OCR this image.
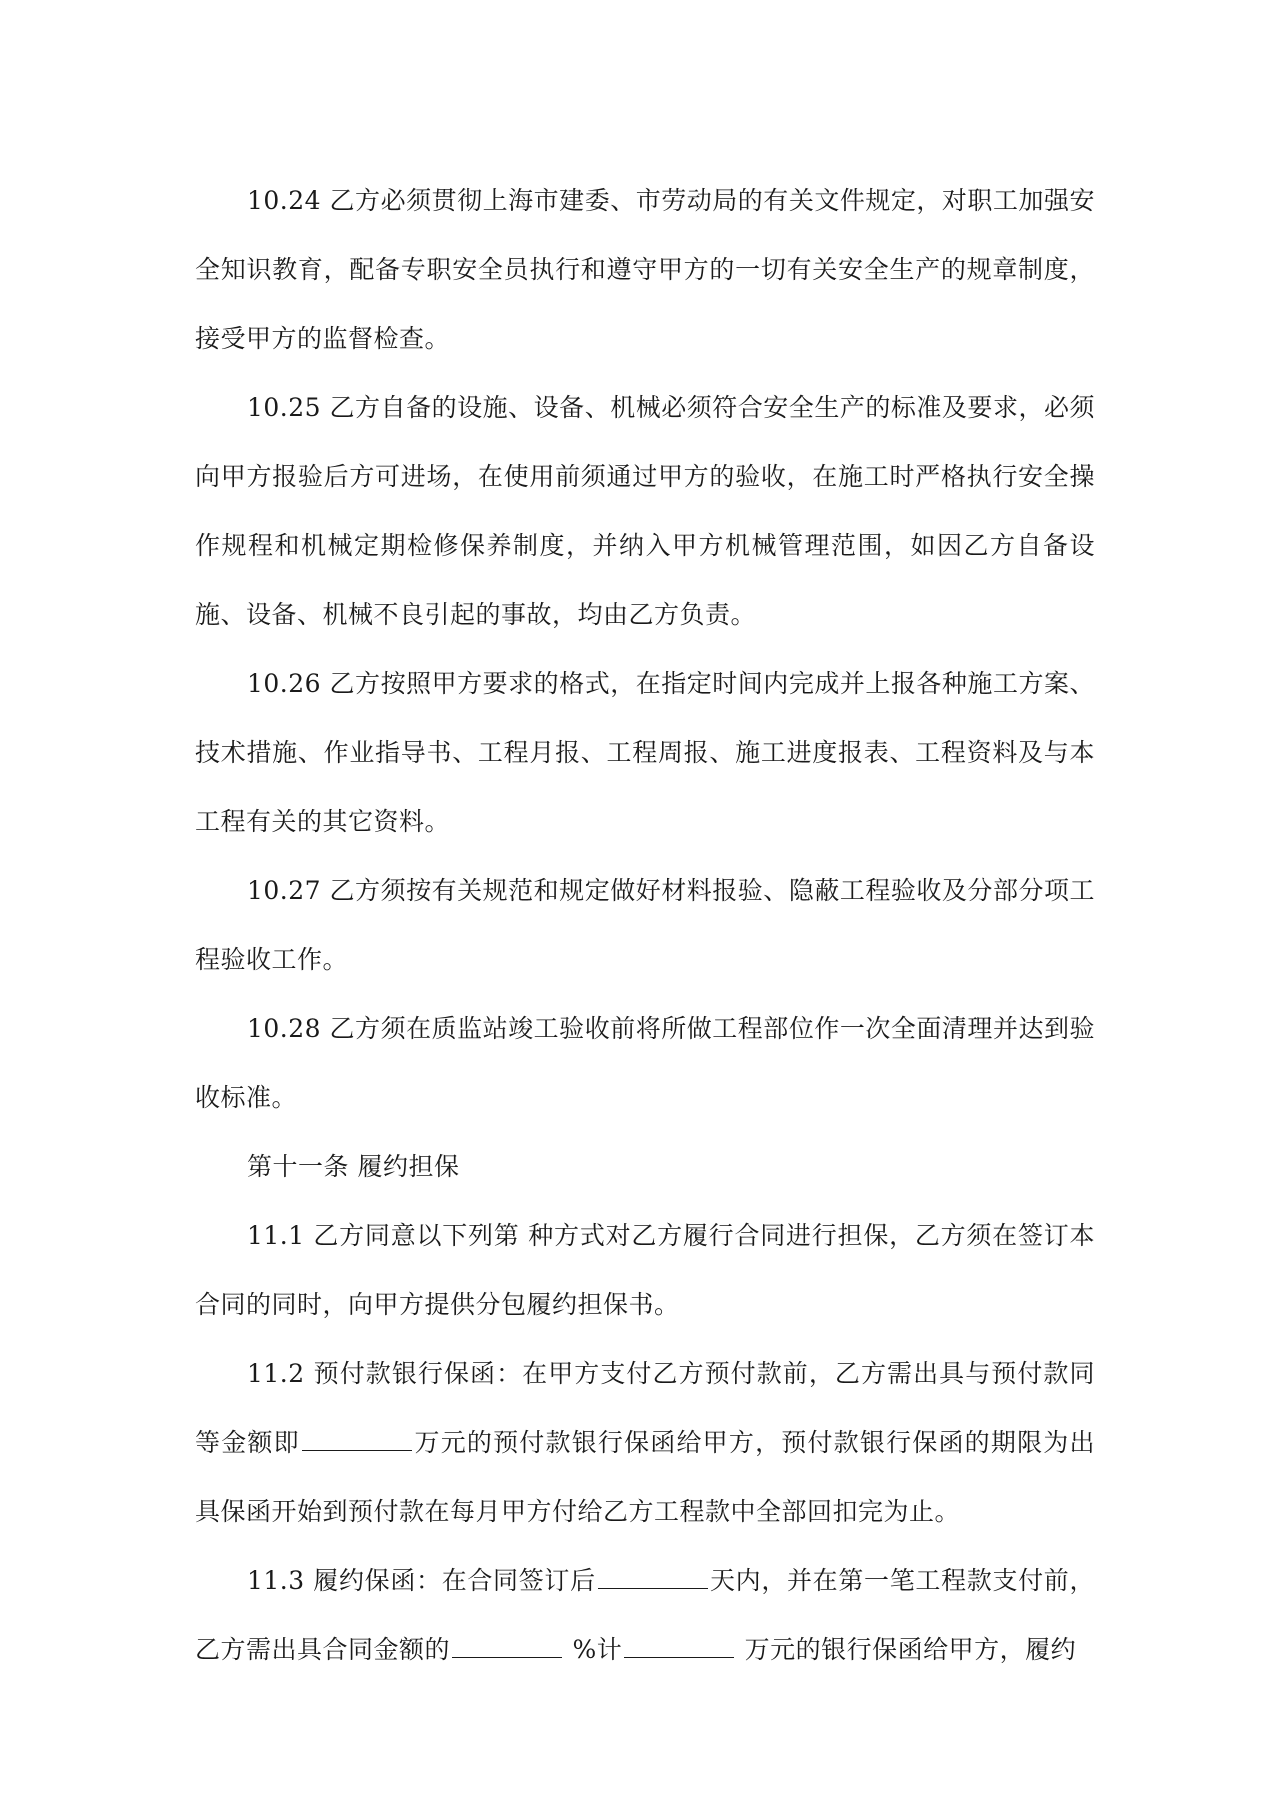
10.24 乙方必须贯彻上海市建委、市劳动局的有关文件规定，对职工加强安全知识教育，配备专职安全员执行和遵守甲方的一切有关安全生产的规章制度，接受甲方的监督检查。

10.25 乙方自备的设施、设备、机械必须符合安全生产的标准及要求，必须向甲方报验后方可进场，在使用前须通过甲方的验收，在施工时严格执行安全操作规程和机械定期检修保养制度，并纳入甲方机械管理范围，如因乙方自备设施、设备、机械不良引起的事故，均由乙方负责。

10.26 乙方按照甲方要求的格式，在指定时间内完成并上报各种施工方案、技术措施、作业指导书、工程月报、工程周报、施工进度报表、工程资料及与本工程有关的其它资料。

10.27 乙方须按有关规范和规定做好材料报验、隐蔽工程验收及分部分项工程验收工作。

10.28 乙方须在质监站竣工验收前将所做工程部位作一次全面清理并达到验收标准。

第十一条 履约担保

11.1 乙方同意以下列第 种方式对乙方履行合同进行担保，乙方须在签订本合同的同时，向甲方提供分包履约担保书。

11.2 预付款银行保函：在甲方支付乙方预付款前，乙方需出具与预付款同等金额即	万元的预付款银行保函给甲方，预付款银行保函的期限为出具保函开始到预付款在每月甲方付给乙方工程款中全部回扣完为止。

11.3 履约保函：在合同签订后	天内，并在第一笔工程款支付前，乙方需出具合同金额的	%计	万元的银行保函给甲方，履约
